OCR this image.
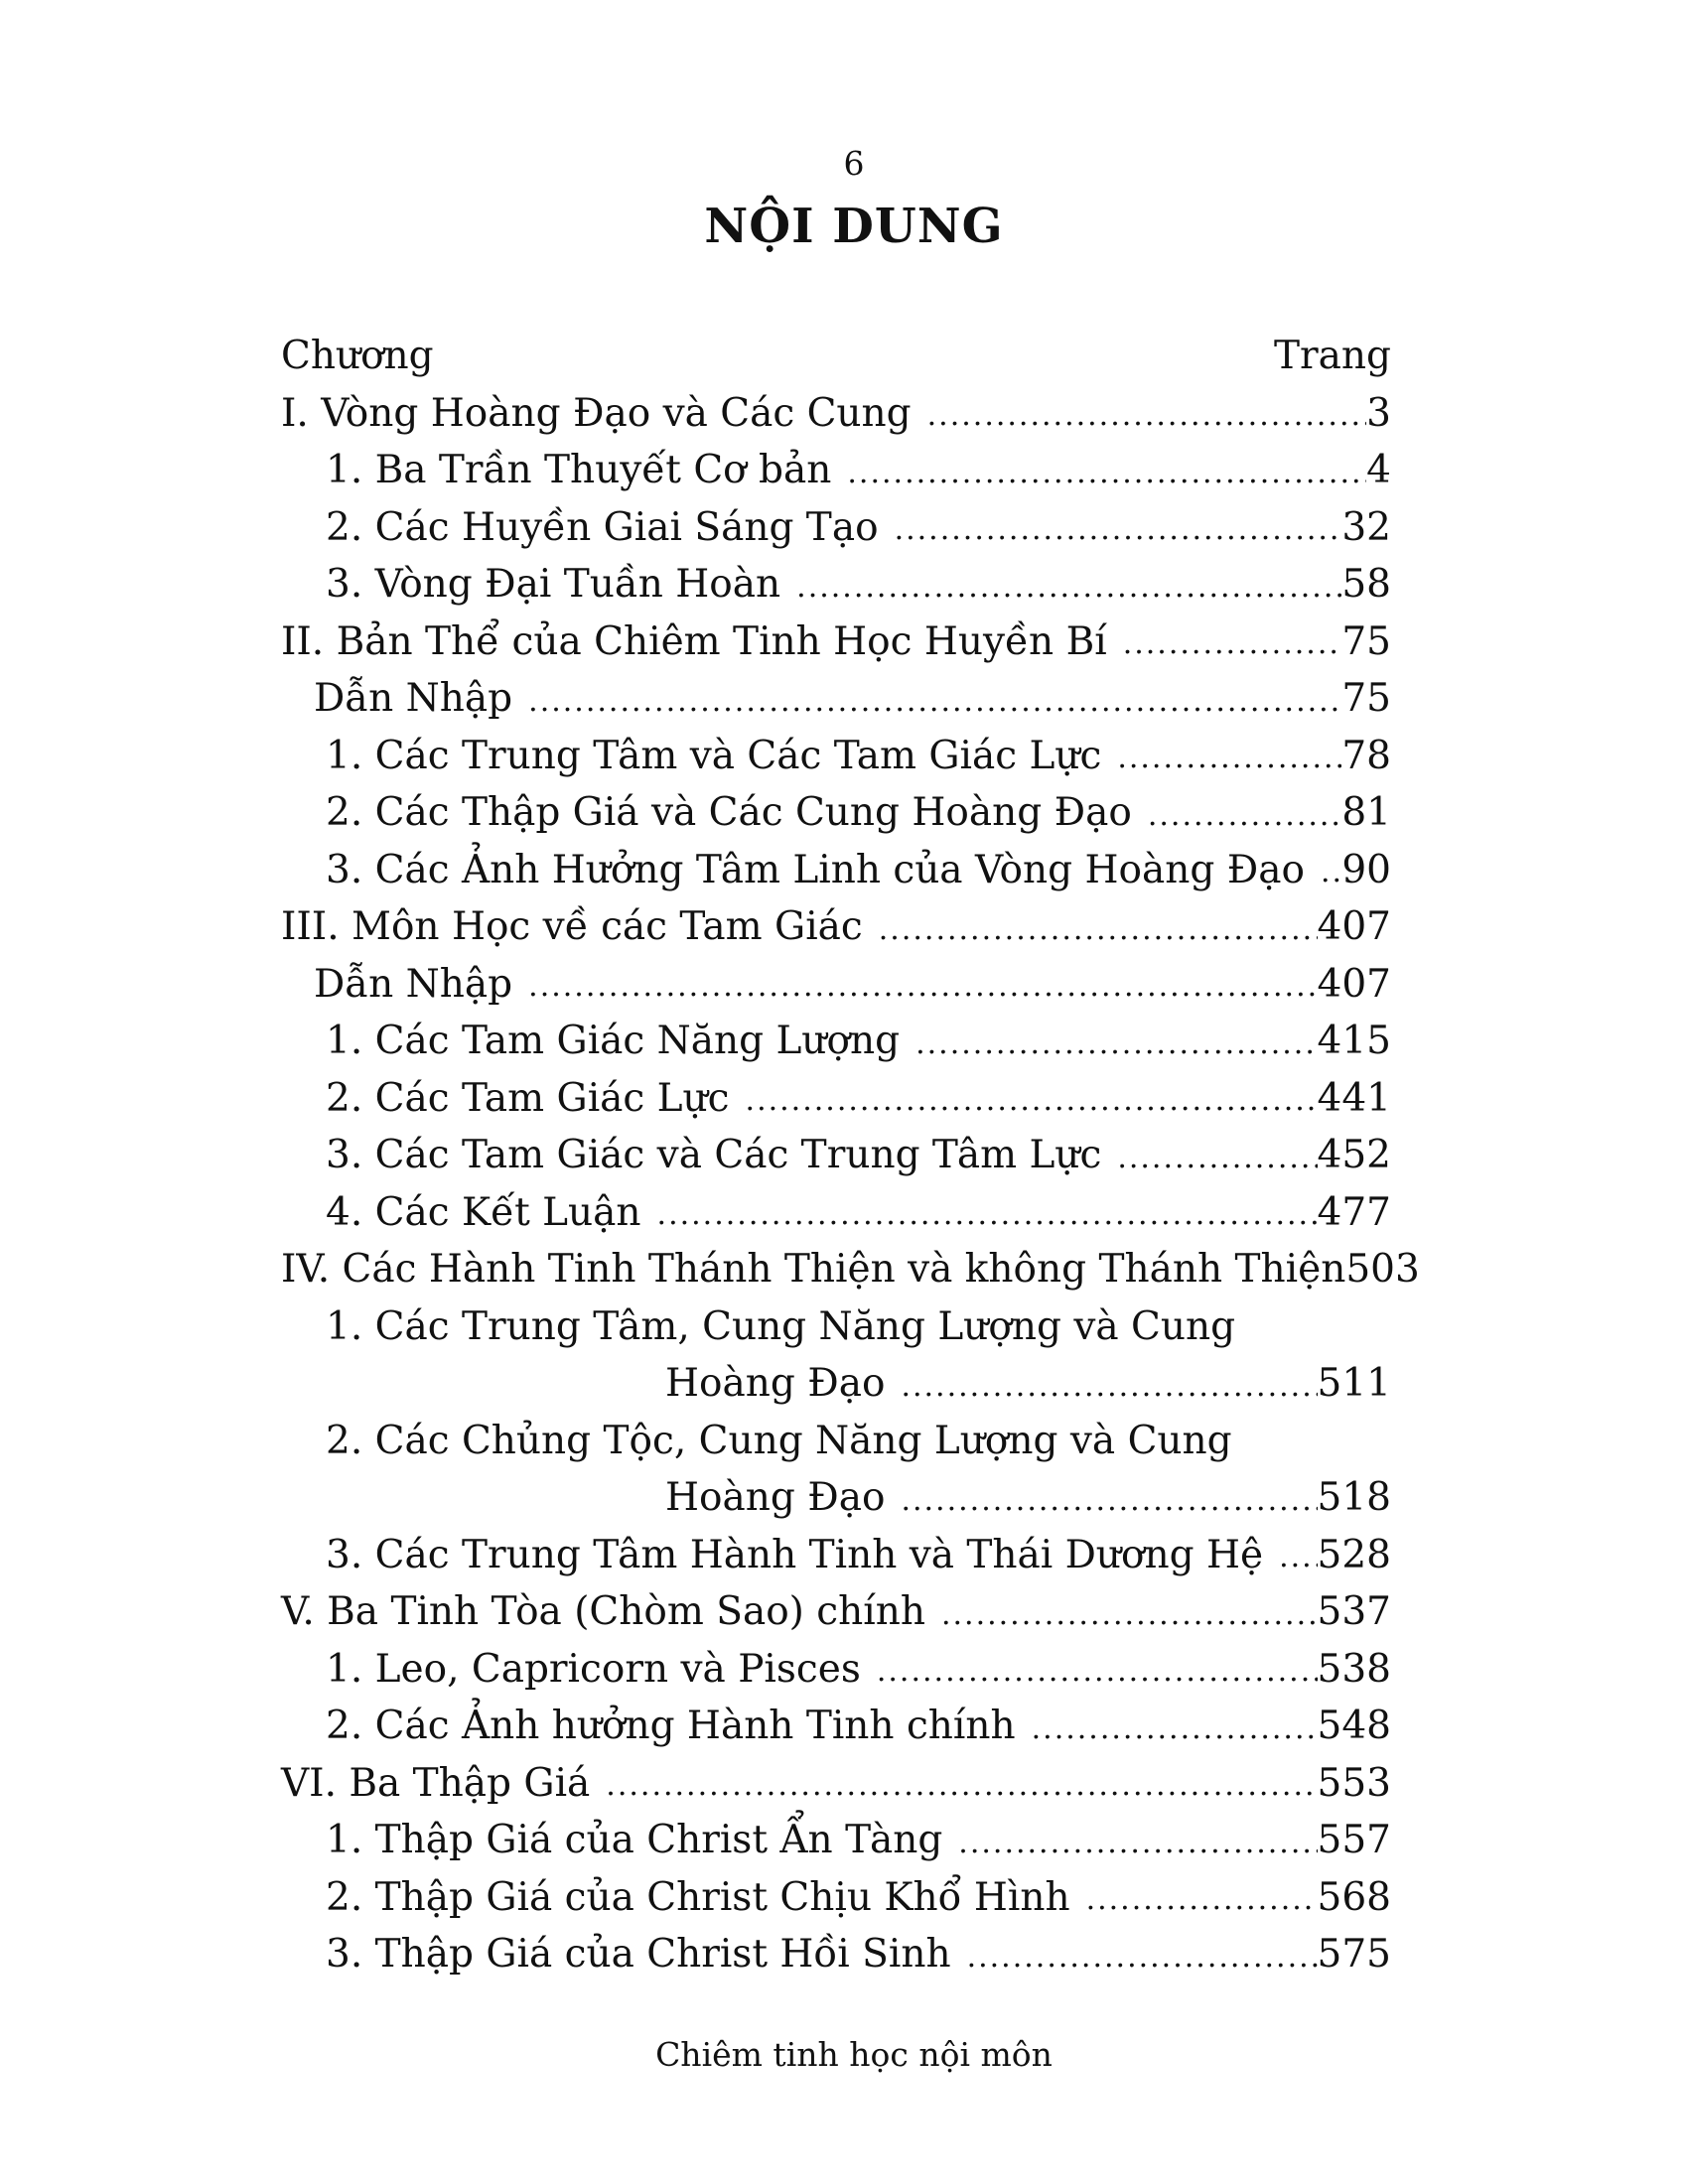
6
NỘI DUNG
Chương	Trang
I. Vòng Hoàng Đạo và Các Cung .....	3
1. Ba Trần Thuyết Cơ bản .....	4
2. Các Huyền Giai Sáng Tạo .....	32
3. Vòng Đại Tuần Hoàn .....	58
II. Bản Thể của Chiêm Tinh Học Huyền Bí .....	75
Dẫn Nhập .....	75
1. Các Trung Tâm và Các Tam Giác Lực .....	78
2. Các Thập Giá và Các Cung Hoàng Đạo .....	81
3. Các Ảnh Hưởng Tâm Linh của Vòng Hoàng Đạo ..... 90
III. Môn Học về các Tam Giác .....	407
Dẫn Nhập .....	407
1. Các Tam Giác Năng Lượng .....	415
2. Các Tam Giác Lực .....	441
3. Các Tam Giác và Các Trung Tâm Lực .....	452
4. Các Kết Luận .....	477
IV. Các Hành Tinh Thánh Thiện và không Thánh Thiện 503
1. Các Trung Tâm, Cung Năng Lượng và Cung
Hoàng Đạo .....	511
2. Các Chủng Tộc, Cung Năng Lượng và Cung
Hoàng Đạo .....	518
3. Các Trung Tâm Hành Tinh và Thái Dương Hệ ..... 528
V. Ba Tinh Tòa (Chòm Sao) chính .....	537
1. Leo, Capricorn và Pisces .....	538
2. Các Ảnh hưởng Hành Tinh chính .....	548
VI. Ba Thập Giá .....	553
1. Thập Giá của Christ Ẩn Tàng .....	557
2. Thập Giá của Christ Chịu Khổ Hình .....	568
3. Thập Giá của Christ Hồi Sinh .....	575
Chiêm tinh học nội môn
